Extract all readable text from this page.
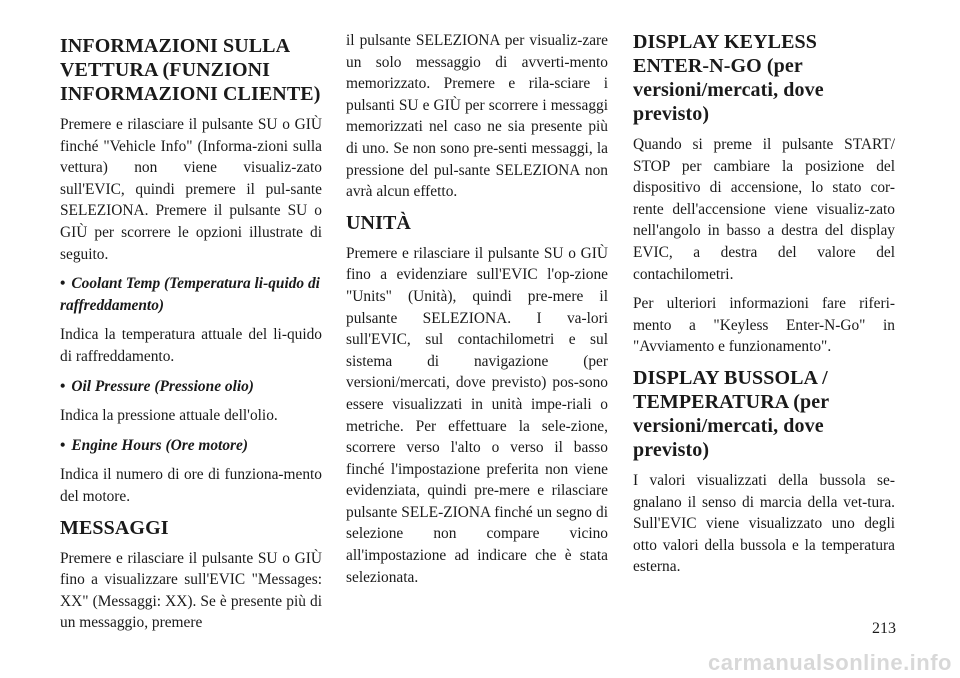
INFORMAZIONI SULLA VETTURA (FUNZIONI INFORMAZIONI CLIENTE)

Premere e rilasciare il pulsante SU o GIÙ finché "Vehicle Info" (Informa-zioni sulla vettura) non viene visualiz-zato sull'EVIC, quindi premere il pul-sante SELEZIONA. Premere il pulsante SU o GIÙ per scorrere le opzioni illustrate di seguito.

• Coolant Temp (Temperatura li-quido di raffreddamento)

Indica la temperatura attuale del li-quido di raffreddamento.

• Oil Pressure (Pressione olio)

Indica la pressione attuale dell'olio.

• Engine Hours (Ore motore)

Indica il numero di ore di funziona-mento del motore.

MESSAGGI

Premere e rilasciare il pulsante SU o GIÙ fino a visualizzare sull'EVIC "Messages: XX" (Messaggi: XX). Se è presente più di un messaggio, premere

il pulsante SELEZIONA per visualiz-zare un solo messaggio di avverti-mento memorizzato. Premere e rila-sciare i pulsanti SU e GIÙ per scorrere i messaggi memorizzati nel caso ne sia presente più di uno. Se non sono pre-senti messaggi, la pressione del pul-sante SELEZIONA non avrà alcun effetto.

UNITÀ

Premere e rilasciare il pulsante SU o GIÙ fino a evidenziare sull'EVIC l'op-zione "Units" (Unità), quindi pre-mere il pulsante SELEZIONA. I va-lori sull'EVIC, sul contachilometri e sul sistema di navigazione (per versioni/mercati, dove previsto) pos-sono essere visualizzati in unità impe-riali o metriche. Per effettuare la sele-zione, scorrere verso l'alto o verso il basso finché l'impostazione preferita non viene evidenziata, quindi pre-mere e rilasciare pulsante SELE-ZIONA finché un segno di selezione non compare vicino all'impostazione ad indicare che è stata selezionata.

DISPLAY KEYLESS ENTER-N-GO (per versioni/mercati, dove previsto)

Quando si preme il pulsante START/ STOP per cambiare la posizione del dispositivo di accensione, lo stato cor-rente dell'accensione viene visualiz-zato nell'angolo in basso a destra del display EVIC, a destra del valore del contachilometri.

Per ulteriori informazioni fare riferi-mento a "Keyless Enter-N-Go" in "Avviamento e funzionamento".

DISPLAY BUSSOLA / TEMPERATURA (per versioni/mercati, dove previsto)

I valori visualizzati della bussola se-gnalano il senso di marcia della vet-tura. Sull'EVIC viene visualizzato uno degli otto valori della bussola e la temperatura esterna.

213
carmanualsonline.info
